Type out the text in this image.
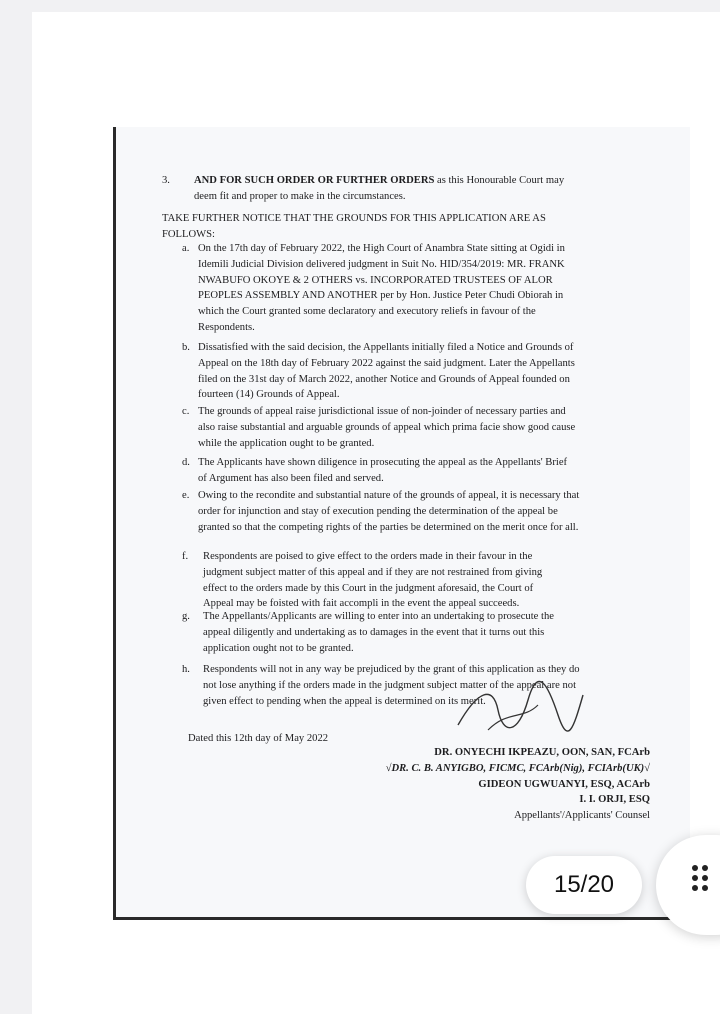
3. AND FOR SUCH ORDER OR FURTHER ORDERS as this Honourable Court may
deem fit and proper to make in the circumstances.
TAKE FURTHER NOTICE THAT THE GROUNDS FOR THIS APPLICATION ARE AS
FOLLOWS:
a. On the 17th day of February 2022, the High Court of Anambra State sitting at Ogidi in
Idemili Judicial Division delivered judgment in Suit No. HID/354/2019: MR. FRANK
NWABUFO OKOYE & 2 OTHERS vs. INCORPORATED TRUSTEES OF ALOR
PEOPLES ASSEMBLY AND ANOTHER per by Hon. Justice Peter Chudi Obiorah in
which the Court granted some declaratory and executory reliefs in favour of the
Respondents.
b. Dissatisfied with the said decision, the Appellants initially filed a Notice and Grounds of
Appeal on the 18th day of February 2022 against the said judgment. Later the Appellants
filed on the 31st day of March 2022, another Notice and Grounds of Appeal founded on
fourteen (14) Grounds of Appeal.
c. The grounds of appeal raise jurisdictional issue of non-joinder of necessary parties and
also raise substantial and arguable grounds of appeal which prima facie show good cause
while the application ought to be granted.
d. The Applicants have shown diligence in prosecuting the appeal as the Appellants' Brief
of Argument has also been filed and served.
e. Owing to the recondite and substantial nature of the grounds of appeal, it is necessary that
order for injunction and stay of execution pending the determination of the appeal be
granted so that the competing rights of the parties be determined on the merit once for all.
f. Respondents are poised to give effect to the orders made in their favour in the
judgment subject matter of this appeal and if they are not restrained from giving
effect to the orders made by this Court in the judgment aforesaid, the Court of
Appeal may be foisted with fait accompli in the event the appeal succeeds.
g. The Appellants/Applicants are willing to enter into an undertaking to prosecute the
appeal diligently and undertaking as to damages in the event that it turns out this
application ought not to be granted.
h. Respondents will not in any way be prejudiced by the grant of this application as they do
not lose anything if the orders made in the judgment subject matter of the appeal are not
given effect to pending when the appeal is determined on its merit.
Dated this 12th day of May 2022
DR. ONYECHI IKPEAZU, OON, SAN, FCArb
√DR. C. B. ANYIGBO, FICMC, FCArb(Nig), FCIArb(UK)√
GIDEON UGWUANYI, ESQ, ACArb
I. I. ORJI, ESQ
Appellants'/Applicants' Counsel
15/20
